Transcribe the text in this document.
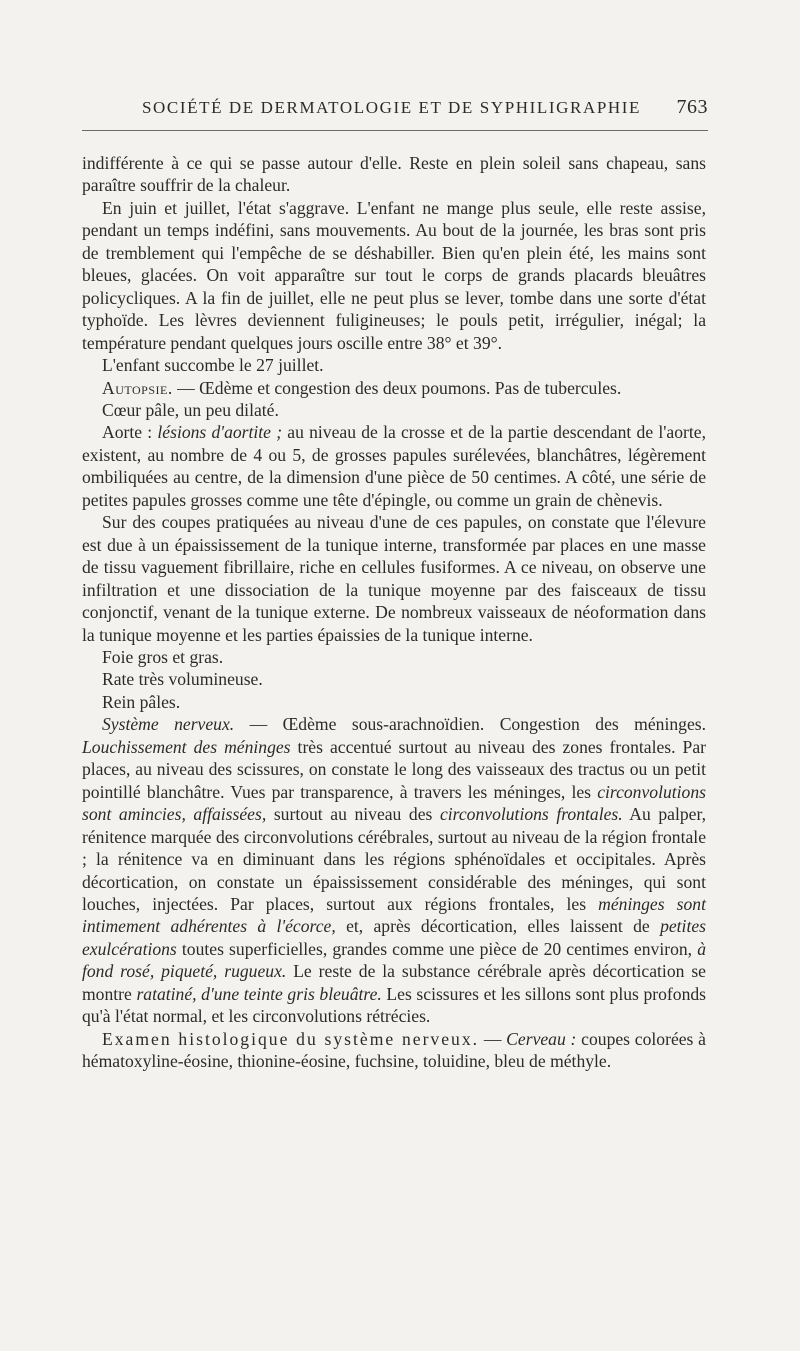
SOCIÉTÉ DE DERMATOLOGIE ET DE SYPHILIGRAPHIE 763

indifférente à ce qui se passe autour d'elle. Reste en plein soleil sans chapeau, sans paraître souffrir de la chaleur.

En juin et juillet, l'état s'aggrave. L'enfant ne mange plus seule, elle reste assise, pendant un temps indéfini, sans mouvements. Au bout de la journée, les bras sont pris de tremblement qui l'empêche de se déshabiller. Bien qu'en plein été, les mains sont bleues, glacées. On voit apparaître sur tout le corps de grands placards bleuâtres policycliques. A la fin de juillet, elle ne peut plus se lever, tombe dans une sorte d'état typhoïde. Les lèvres deviennent fuligineuses; le pouls petit, irrégulier, inégal; la température pendant quelques jours oscille entre 38° et 39°.

L'enfant succombe le 27 juillet.

Autopsie. — Œdème et congestion des deux poumons. Pas de tubercules.

Cœur pâle, un peu dilaté.

Aorte : lésions d'aortite ; au niveau de la crosse et de la partie descendant de l'aorte, existent, au nombre de 4 ou 5, de grosses papules surélevées, blanchâtres, légèrement ombiliquées au centre, de la dimension d'une pièce de 50 centimes. A côté, une série de petites papules grosses comme une tête d'épingle, ou comme un grain de chènevis.

Sur des coupes pratiquées au niveau d'une de ces papules, on constate que l'élevure est due à un épaississement de la tunique interne, transformée par places en une masse de tissu vaguement fibrillaire, riche en cellules fusiformes. A ce niveau, on observe une infiltration et une dissociation de la tunique moyenne par des faisceaux de tissu conjonctif, venant de la tunique externe. De nombreux vaisseaux de néoformation dans la tunique moyenne et les parties épaissies de la tunique interne.

Foie gros et gras.

Rate très volumineuse.

Rein pâles.

Système nerveux. — Œdème sous-arachnoïdien. Congestion des méninges. Louchissement des méninges très accentué surtout au niveau des zones frontales. Par places, au niveau des scissures, on constate le long des vaisseaux des tractus ou un petit pointillé blanchâtre. Vues par transparence, à travers les méninges, les circonvolutions sont amincies, affaissées, surtout au niveau des circonvolutions frontales. Au palper, rénitence marquée des circonvolutions cérébrales, surtout au niveau de la région frontale ; la rénitence va en diminuant dans les régions sphénoïdales et occipitales. Après décortication, on constate un épaississement considérable des méninges, qui sont louches, injectées. Par places, surtout aux régions frontales, les méninges sont intimement adhérentes à l'écorce, et, après décortication, elles laissent de petites exulcérations toutes superficielles, grandes comme une pièce de 20 centimes environ, à fond rosé, piqueté, rugueux. Le reste de la substance cérébrale après décortication se montre ratatiné, d'une teinte gris bleuâtre. Les scissures et les sillons sont plus profonds qu'à l'état normal, et les circonvolutions rétrécies.

Examen histologique du système nerveux. — Cerveau : coupes colorées à hématoxyline-éosine, thionine-éosine, fuchsine, toluidine, bleu de méthyle.
